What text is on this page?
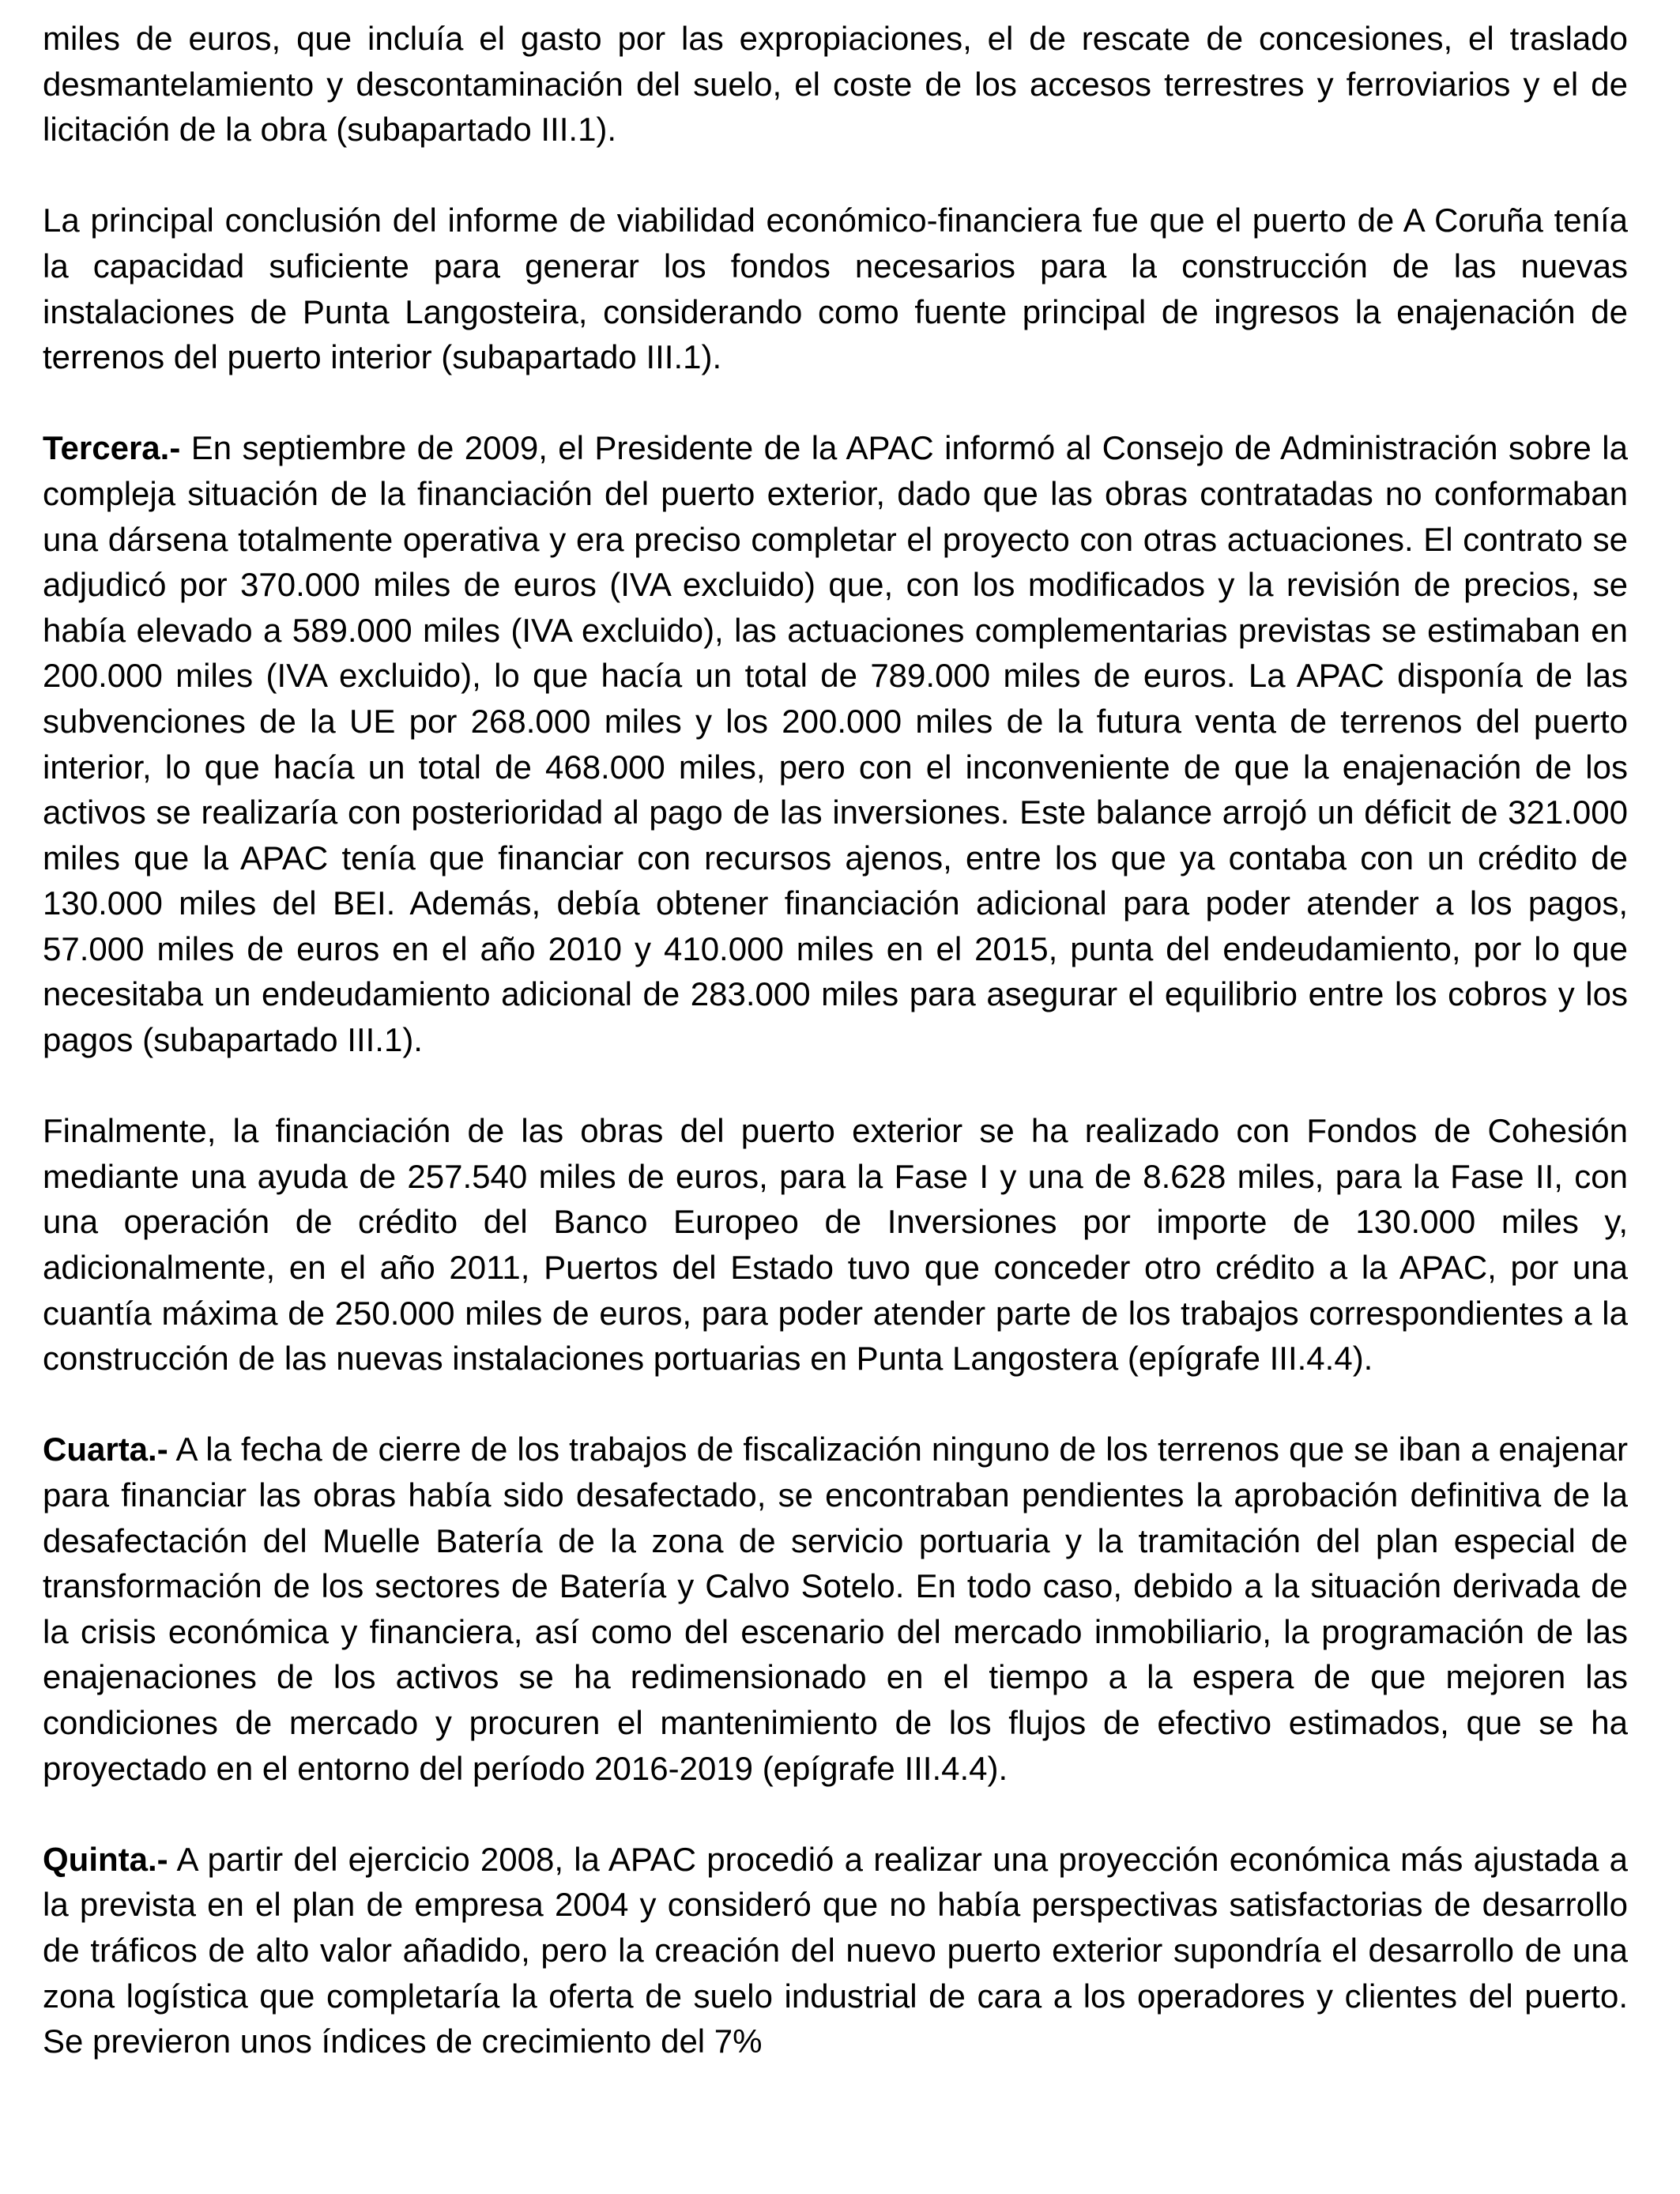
miles de euros, que incluía el gasto por las expropiaciones, el de rescate de concesiones, el traslado desmantelamiento y descontaminación del suelo, el coste de los accesos terrestres y ferroviarios y el de licitación de la obra (subapartado III.1).

La principal conclusión del informe de viabilidad económico-financiera fue que el puerto de A Coruña tenía la capacidad suficiente para generar los fondos necesarios para la construcción de las nuevas instalaciones de Punta Langosteira, considerando como fuente principal de ingresos la enajenación de terrenos del puerto interior (subapartado III.1).

Tercera.- En septiembre de 2009, el Presidente de la APAC informó al Consejo de Administración sobre la compleja situación de la financiación del puerto exterior, dado que las obras contratadas no conformaban una dársena totalmente operativa y era preciso completar el proyecto con otras actuaciones. El contrato se adjudicó por 370.000 miles de euros (IVA excluido) que, con los modificados y la revisión de precios, se había elevado a 589.000 miles (IVA excluido), las actuaciones complementarias previstas se estimaban en 200.000 miles (IVA excluido), lo que hacía un total de 789.000 miles de euros. La APAC disponía de las subvenciones de la UE por 268.000 miles y los 200.000 miles de la futura venta de terrenos del puerto interior, lo que hacía un total de 468.000 miles, pero con el inconveniente de que la enajenación de los activos se realizaría con posterioridad al pago de las inversiones. Este balance arrojó un déficit de 321.000 miles que la APAC tenía que financiar con recursos ajenos, entre los que ya contaba con un crédito de 130.000 miles del BEI. Además, debía obtener financiación adicional para poder atender a los pagos, 57.000 miles de euros en el año 2010 y 410.000 miles en el 2015, punta del endeudamiento, por lo que necesitaba un endeudamiento adicional de 283.000 miles para asegurar el equilibrio entre los cobros y los pagos (subapartado III.1).

Finalmente, la financiación de las obras del puerto exterior se ha realizado con Fondos de Cohesión mediante una ayuda de 257.540 miles de euros, para la Fase I y una de 8.628 miles, para la Fase II, con una operación de crédito del Banco Europeo de Inversiones por importe de 130.000 miles y, adicionalmente, en el año 2011, Puertos del Estado tuvo que conceder otro crédito a la APAC, por una cuantía máxima de 250.000 miles de euros, para poder atender parte de los trabajos correspondientes a la construcción de las nuevas instalaciones portuarias en Punta Langostera (epígrafe III.4.4).

Cuarta.- A la fecha de cierre de los trabajos de fiscalización ninguno de los terrenos que se iban a enajenar para financiar las obras había sido desafectado, se encontraban pendientes la aprobación definitiva de la desafectación del Muelle Batería de la zona de servicio portuaria y la tramitación del plan especial de transformación de los sectores de Batería y Calvo Sotelo. En todo caso, debido a la situación derivada de la crisis económica y financiera, así como del escenario del mercado inmobiliario, la programación de las enajenaciones de los activos se ha redimensionado en el tiempo a la espera de que mejoren las condiciones de mercado y procuren el mantenimiento de los flujos de efectivo estimados, que se ha proyectado en el entorno del período 2016-2019 (epígrafe III.4.4).

Quinta.- A partir del ejercicio 2008, la APAC procedió a realizar una proyección económica más ajustada a la prevista en el plan de empresa 2004 y consideró que no había perspectivas satisfactorias de desarrollo de tráficos de alto valor añadido, pero la creación del nuevo puerto exterior supondría el desarrollo de una zona logística que completaría la oferta de suelo industrial de cara a los operadores y clientes del puerto. Se previeron unos índices de crecimiento del 7%
